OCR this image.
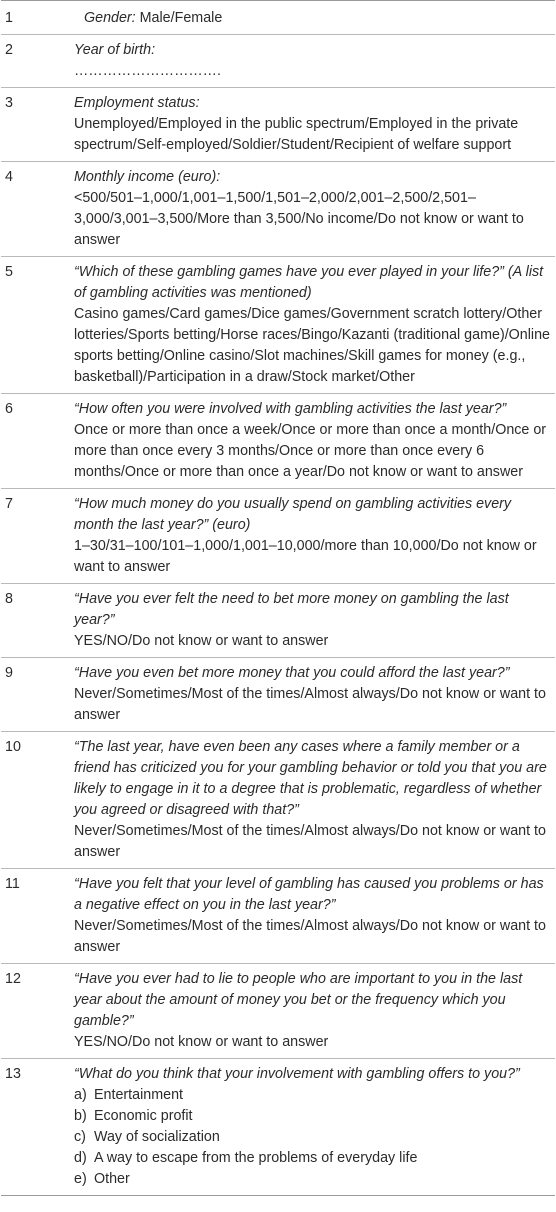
1	Gender: Male/Female
2	Year of birth:
………………………….
3	Employment status:
Unemployed/Employed in the public spectrum/Employed in the private spectrum/Self-employed/Soldier/Student/Recipient of welfare support
4	Monthly income (euro):
<500/501–1,000/1,001–1,500/1,501–2,000/2,001–2,500/2,501–3,000/3,001–3,500/More than 3,500/No income/Do not know or want to answer
5	“Which of these gambling games have you ever played in your life?” (A list of gambling activities was mentioned)
Casino games/Card games/Dice games/Government scratch lottery/Other lotteries/Sports betting/Horse races/Bingo/Kazanti (traditional game)/Online sports betting/Online casino/Slot machines/Skill games for money (e.g., basketball)/Participation in a draw/Stock market/Other
6	“How often you were involved with gambling activities the last year?”
Once or more than once a week/Once or more than once a month/Once or more than once every 3 months/Once or more than once every 6 months/Once or more than once a year/Do not know or want to answer
7	“How much money do you usually spend on gambling activities every month the last year?” (euro)
1–30/31–100/101–1,000/1,001–10,000/more than 10,000/Do not know or want to answer
8	“Have you ever felt the need to bet more money on gambling the last year?”
YES/NO/Do not know or want to answer
9	“Have you even bet more money that you could afford the last year?”
Never/Sometimes/Most of the times/Almost always/Do not know or want to answer
10	“The last year, have even been any cases where a family member or a friend has criticized you for your gambling behavior or told you that you are likely to engage in it to a degree that is problematic, regardless of whether you agreed or disagreed with that?”
Never/Sometimes/Most of the times/Almost always/Do not know or want to answer
11	“Have you felt that your level of gambling has caused you problems or has a negative effect on you in the last year?”
Never/Sometimes/Most of the times/Almost always/Do not know or want to answer
12	“Have you ever had to lie to people who are important to you in the last year about the amount of money you bet or the frequency which you gamble?”
YES/NO/Do not know or want to answer
13	“What do you think that your involvement with gambling offers to you?”
a) Entertainment
b) Economic profit
c) Way of socialization
d) A way to escape from the problems of everyday life
e) Other
